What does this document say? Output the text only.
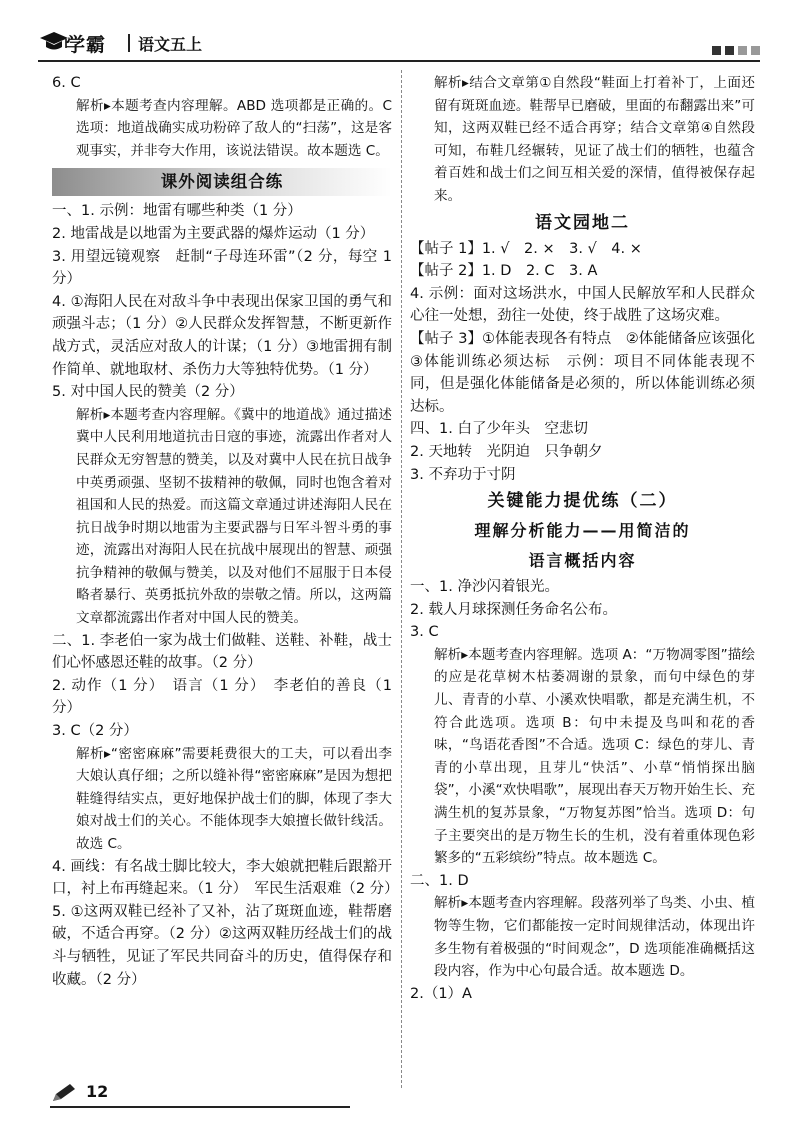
学霸 语文五上

6. C

解析▸本题考查内容理解。ABD 选项都是正确的。C 选项：地道战确实成功粉碎了敌人的“扫荡”，这是客观事实，并非夸大作用，该说法错误。故本题选 C。

课外阅读组合练

一、1. 示例：地雷有哪些种类（1 分）

2. 地雷战是以地雷为主要武器的爆炸运动（1 分）

3. 用望远镜观察　赶制“子母连环雷”（2 分，每空 1 分）

4. ①海阳人民在对敌斗争中表现出保家卫国的勇气和顽强斗志；（1 分）②人民群众发挥智慧，不断更新作战方式，灵活应对敌人的计谋；（1 分）③地雷拥有制作简单、就地取材、杀伤力大等独特优势。（1 分）

5. 对中国人民的赞美（2 分）

解析▸本题考查内容理解。《冀中的地道战》通过描述冀中人民利用地道抗击日寇的事迹，流露出作者对人民群众无穷智慧的赞美，以及对冀中人民在抗日战争中英勇顽强、坚韧不拔精神的敬佩，同时也饱含着对祖国和人民的热爱。而这篇文章通过讲述海阳人民在抗日战争时期以地雷为主要武器与日军斗智斗勇的事迹，流露出对海阳人民在抗战中展现出的智慧、顽强抗争精神的敬佩与赞美，以及对他们不屈服于日本侵略者暴行、英勇抵抗外敌的崇敬之情。所以，这两篇文章都流露出作者对中国人民的赞美。

二、1. 李老伯一家为战士们做鞋、送鞋、补鞋，战士们心怀感恩还鞋的故事。（2 分）

2. 动作（1 分）　语言（1 分）　李老伯的善良（1 分）

3. C（2 分）

解析▸“密密麻麻”需要耗费很大的工夫，可以看出李大娘认真仔细；之所以缝补得“密密麻麻”是因为想把鞋缝得结实点，更好地保护战士们的脚，体现了李大娘对战士们的关心。不能体现李大娘擅长做针线活。故选 C。

4. 画线：有名战士脚比较大，李大娘就把鞋后跟豁开口，衬上布再缝起来。（1 分）　军民生活艰难（2 分）

5. ①这两双鞋已经补了又补，沾了斑斑血迹，鞋帮磨破，不适合再穿。（2 分）②这两双鞋历经战士们的战斗与牺牲，见证了军民共同奋斗的历史，值得保存和收藏。（2 分）

解析▸结合文章第①自然段“鞋面上打着补丁，上面还留有斑斑血迹。鞋帮早已磨破，里面的布翻露出来”可知，这两双鞋已经不适合再穿；结合文章第④自然段可知，布鞋几经辗转，见证了战士们的牺牲，也蕴含着百姓和战士们之间互相关爱的深情，值得被保存起来。

语文园地二

【帖子 1】1. √　2. ×　3. √　4. ×

【帖子 2】1. D　2. C　3. A

4. 示例：面对这场洪水，中国人民解放军和人民群众心往一处想，劲往一处使，终于战胜了这场灾难。

【帖子 3】①体能表现各有特点　②体能储备应该强化　③体能训练必须达标　示例：项目不同体能表现不同，但是强化体能储备是必须的，所以体能训练必须达标。

四、1. 白了少年头　空悲切

2. 天地转　光阴迫　只争朝夕

3. 不弃功于寸阴

关键能力提优练（二）
理解分析能力——用简洁的
语言概括内容

一、1. 净沙闪着银光。

2. 载人月球探测任务命名公布。

3. C

解析▸本题考查内容理解。选项 A：“万物凋零图”描绘的应是花草树木枯萎凋谢的景象，而句中绿色的芽儿、青青的小草、小溪欢快唱歌，都是充满生机，不符合此选项。选项 B：句中未提及鸟叫和花的香味，“鸟语花香图”不合适。选项 C：绿色的芽儿、青青的小草出现，且芽儿“快活”、小草“悄悄探出脑袋”，小溪“欢快唱歌”，展现出春天万物开始生长、充满生机的复苏景象，“万物复苏图”恰当。选项 D：句子主要突出的是万物生长的生机，没有着重体现色彩繁多的“五彩缤纷”特点。故本题选 C。

二、1. D

解析▸本题考查内容理解。段落列举了鸟类、小虫、植物等生物，它们都能按一定时间规律活动，体现出许多生物有着极强的“时间观念”，D 选项能准确概括这段内容，作为中心句最合适。故本题选 D。

2.（1）A

12
